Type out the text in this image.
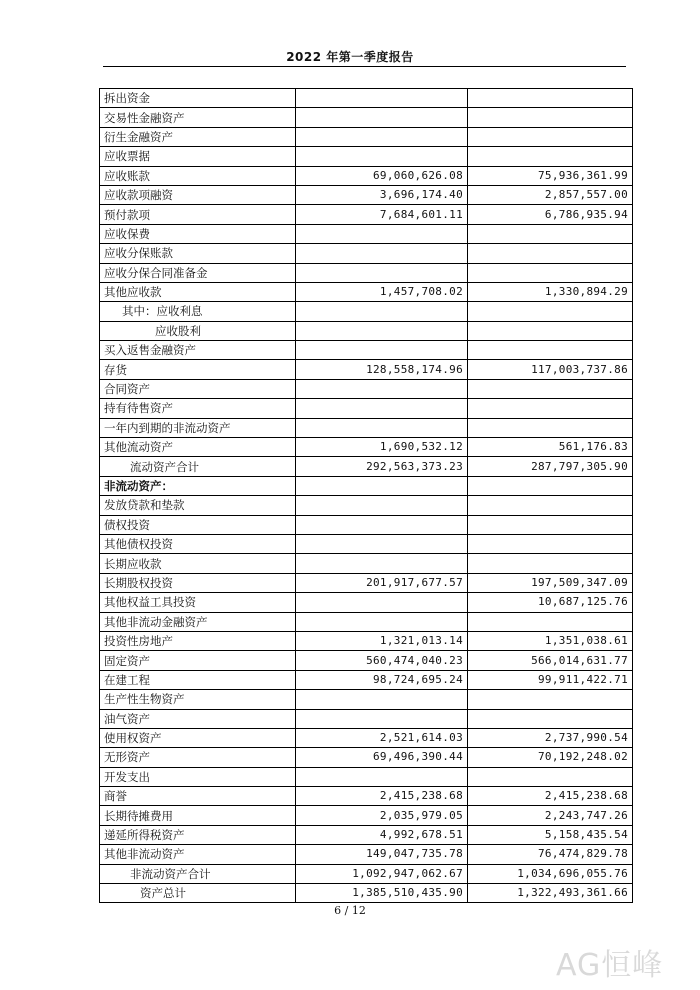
2022 年第一季度报告
拆出资金		
交易性金融资产		
衍生金融资产		
应收票据		
应收账款	69,060,626.08	75,936,361.99
应收款项融资	3,696,174.40	2,857,557.00
预付款项	7,684,601.11	6,786,935.94
应收保费		
应收分保账款		
应收分保合同准备金		
其他应收款	1,457,708.02	1,330,894.29
其中：应收利息		
应收股利		
买入返售金融资产		
存货	128,558,174.96	117,003,737.86
合同资产		
持有待售资产		
一年内到期的非流动资产		
其他流动资产	1,690,532.12	561,176.83
流动资产合计	292,563,373.23	287,797,305.90
非流动资产：		
发放贷款和垫款		
债权投资		
其他债权投资		
长期应收款		
长期股权投资	201,917,677.57	197,509,347.09
其他权益工具投资		10,687,125.76
其他非流动金融资产		
投资性房地产	1,321,013.14	1,351,038.61
固定资产	560,474,040.23	566,014,631.77
在建工程	98,724,695.24	99,911,422.71
生产性生物资产		
油气资产		
使用权资产	2,521,614.03	2,737,990.54
无形资产	69,496,390.44	70,192,248.02
开发支出		
商誉	2,415,238.68	2,415,238.68
长期待摊费用	2,035,979.05	2,243,747.26
递延所得税资产	4,992,678.51	5,158,435.54
其他非流动资产	149,047,735.78	76,474,829.78
非流动资产合计	1,092,947,062.67	1,034,696,055.76
资产总计	1,385,510,435.90	1,322,493,361.66
6 / 12
AG恒峰
